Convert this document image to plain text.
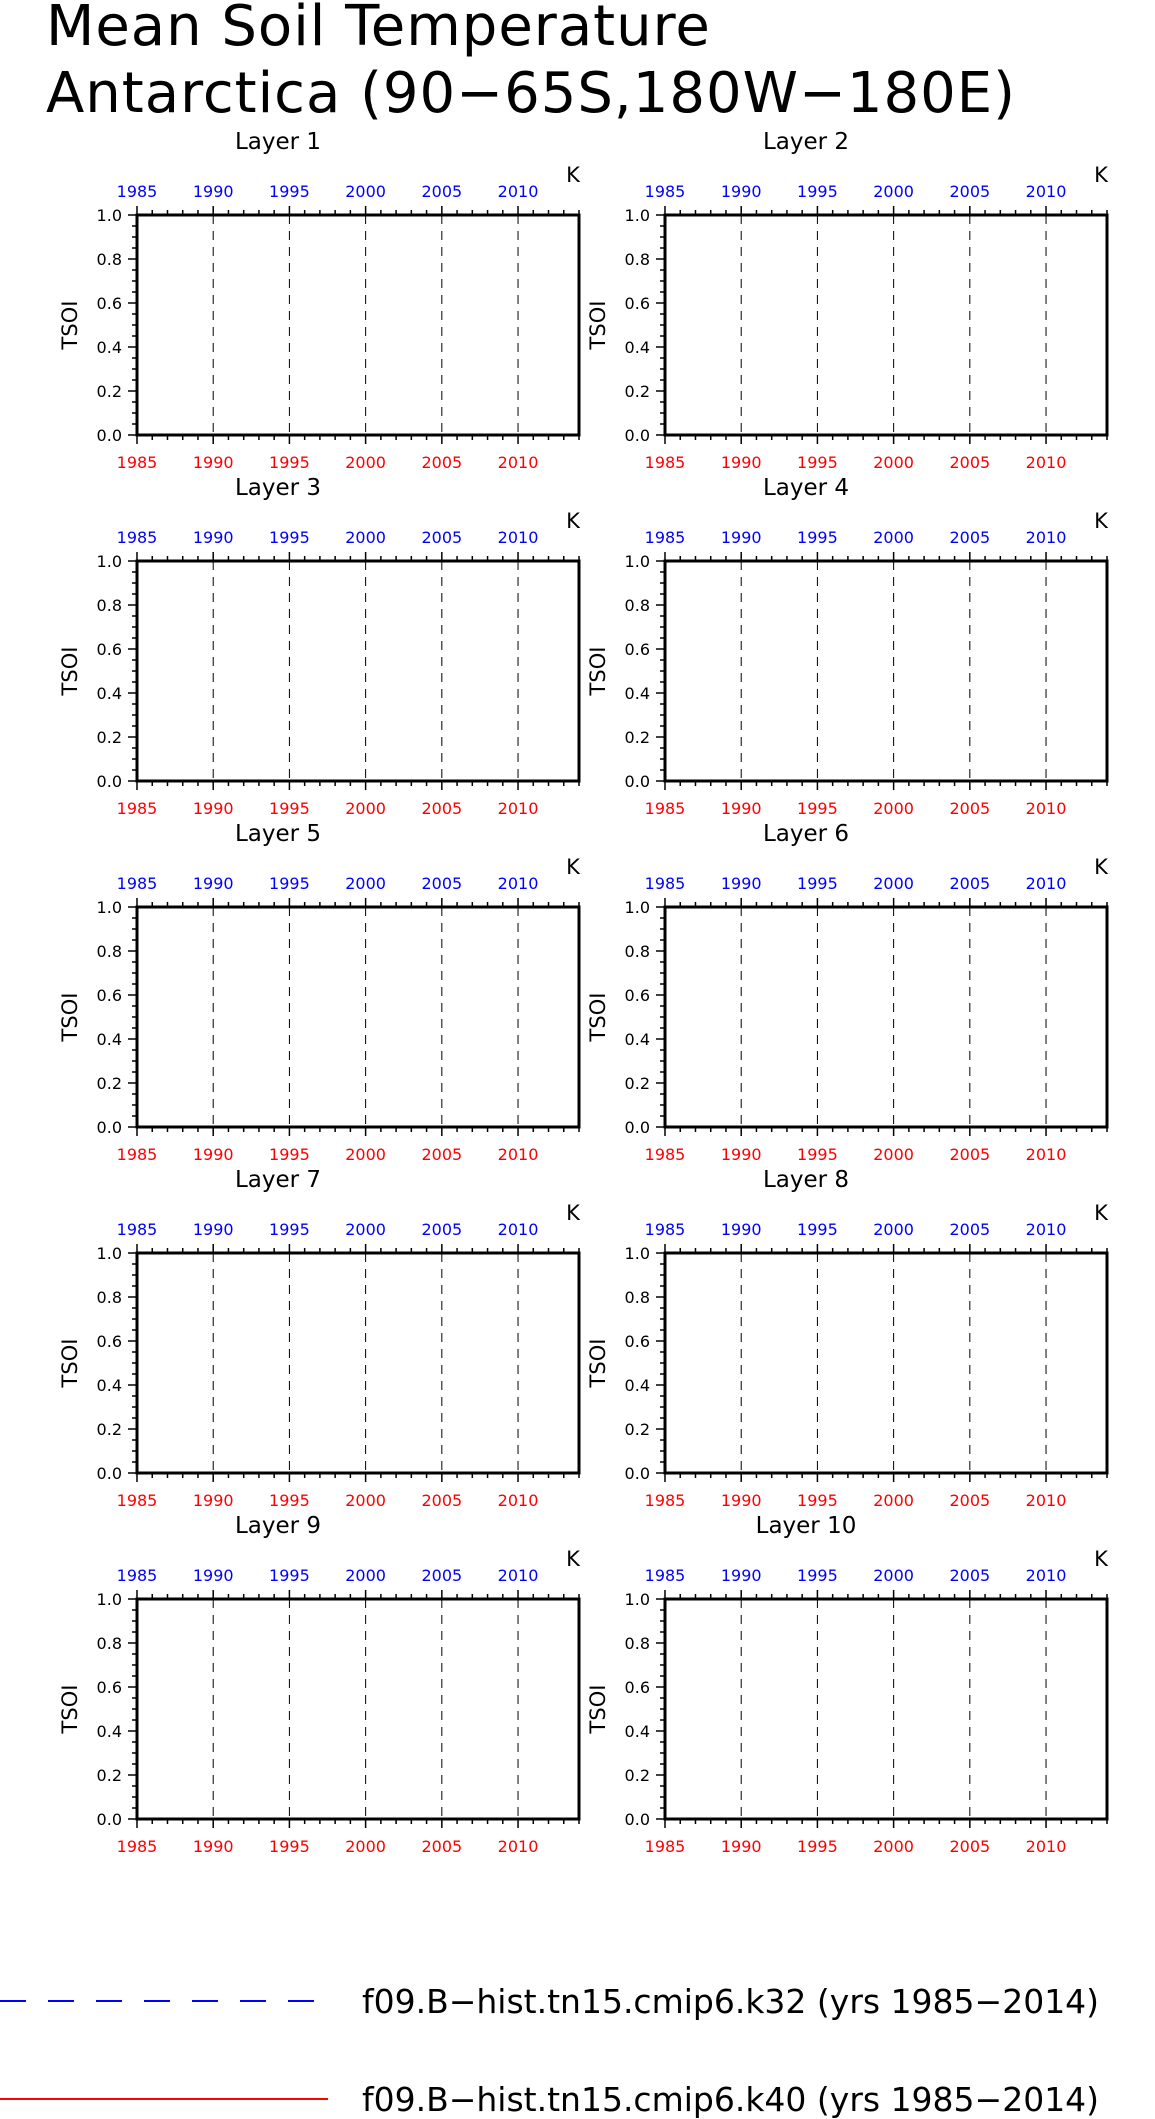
Mean Soil Temperature
Antarctica (90−65S,180W−180E)
Layer 1
K
TSOI
0.0
0.2
0.4
0.6
0.8
1.0
1985
1985
1990
1990
1995
1995
2000
2000
2005
2005
2010
2010
Layer 2
K
TSOI
0.0
0.2
0.4
0.6
0.8
1.0
1985
1985
1990
1990
1995
1995
2000
2000
2005
2005
2010
2010
Layer 3
K
TSOI
0.0
0.2
0.4
0.6
0.8
1.0
1985
1985
1990
1990
1995
1995
2000
2000
2005
2005
2010
2010
Layer 4
K
TSOI
0.0
0.2
0.4
0.6
0.8
1.0
1985
1985
1990
1990
1995
1995
2000
2000
2005
2005
2010
2010
Layer 5
K
TSOI
0.0
0.2
0.4
0.6
0.8
1.0
1985
1985
1990
1990
1995
1995
2000
2000
2005
2005
2010
2010
Layer 6
K
TSOI
0.0
0.2
0.4
0.6
0.8
1.0
1985
1985
1990
1990
1995
1995
2000
2000
2005
2005
2010
2010
Layer 7
K
TSOI
0.0
0.2
0.4
0.6
0.8
1.0
1985
1985
1990
1990
1995
1995
2000
2000
2005
2005
2010
2010
Layer 8
K
TSOI
0.0
0.2
0.4
0.6
0.8
1.0
1985
1985
1990
1990
1995
1995
2000
2000
2005
2005
2010
2010
Layer 9
K
TSOI
0.0
0.2
0.4
0.6
0.8
1.0
1985
1985
1990
1990
1995
1995
2000
2000
2005
2005
2010
2010
Layer 10
K
TSOI
0.0
0.2
0.4
0.6
0.8
1.0
1985
1985
1990
1990
1995
1995
2000
2000
2005
2005
2010
2010
f09.B−hist.tn15.cmip6.k32 (yrs 1985−2014)
f09.B−hist.tn15.cmip6.k40 (yrs 1985−2014)
